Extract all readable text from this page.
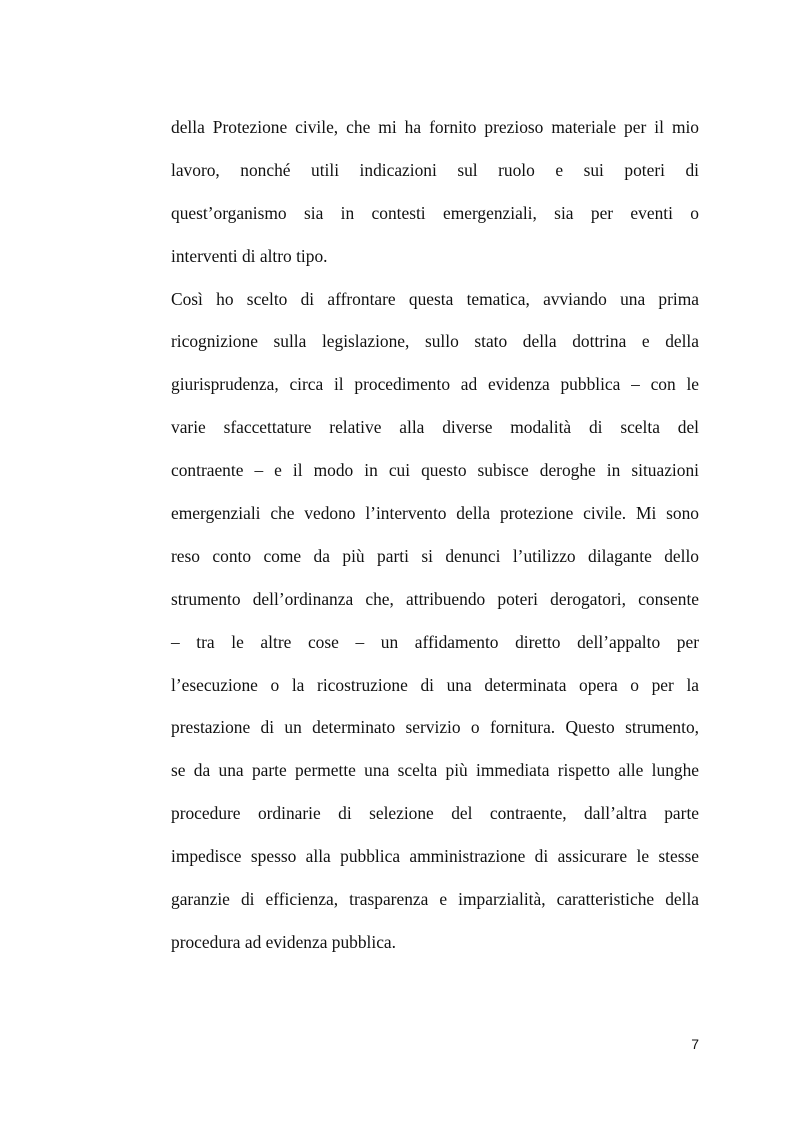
della Protezione civile, che mi ha fornito prezioso materiale per il mio
lavoro, nonché utili indicazioni sul ruolo e sui poteri di
quest’organismo sia in contesti emergenziali, sia per eventi o
interventi di altro tipo.
Così ho scelto di affrontare questa tematica, avviando una prima
ricognizione sulla legislazione, sullo stato della dottrina e della
giurisprudenza, circa il procedimento ad evidenza pubblica – con le
varie sfaccettature relative alla diverse modalità di scelta del
contraente – e il modo in cui questo subisce deroghe in situazioni
emergenziali che vedono l’intervento della protezione civile. Mi sono
reso conto come da più parti si denunci l’utilizzo dilagante dello
strumento dell’ordinanza che, attribuendo poteri derogatori, consente
– tra le altre cose – un affidamento diretto dell’appalto per
l’esecuzione o la ricostruzione di una determinata opera o per la
prestazione di un determinato servizio o fornitura. Questo strumento,
se da una parte permette una scelta più immediata rispetto alle lunghe
procedure ordinarie di selezione del contraente, dall’altra parte
impedisce spesso alla pubblica amministrazione di assicurare le stesse
garanzie di efficienza, trasparenza e imparzialità, caratteristiche della
procedura ad evidenza pubblica.
7
